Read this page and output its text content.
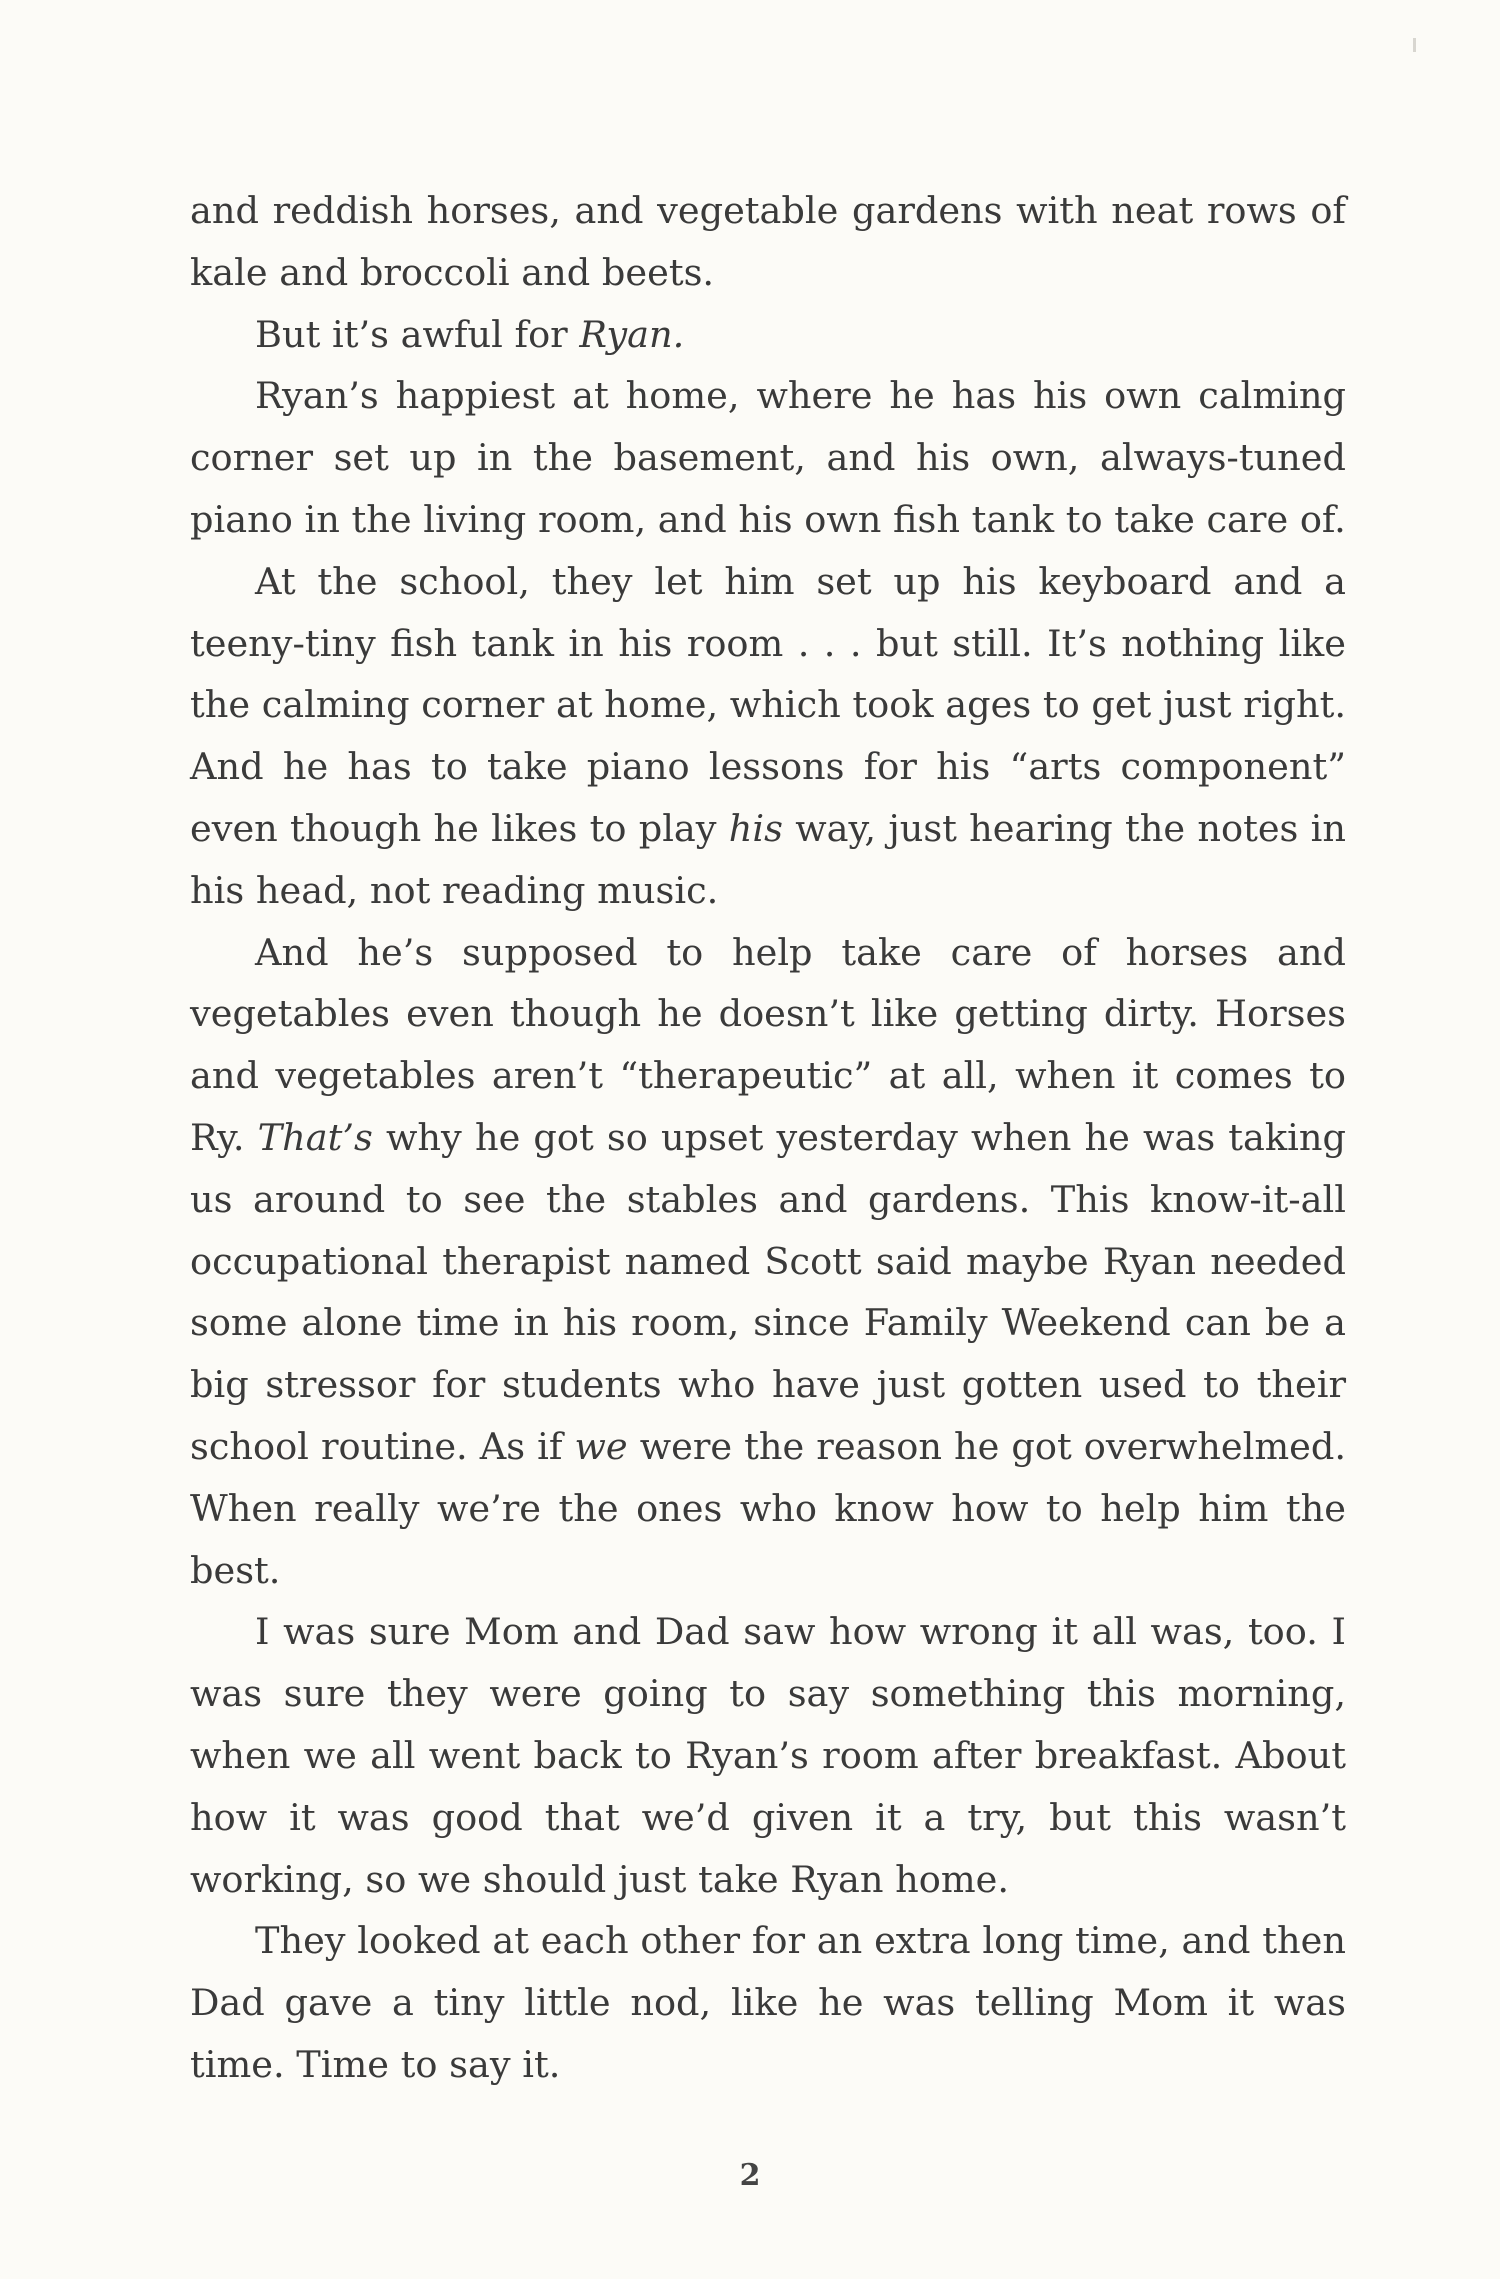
and reddish horses, and vegetable gardens with neat rows of kale and broccoli and beets.

But it’s awful for Ryan.

Ryan’s happiest at home, where he has his own calming corner set up in the basement, and his own, always-tuned piano in the living room, and his own fish tank to take care of.

At the school, they let him set up his keyboard and a teeny-tiny fish tank in his room . . . but still. It’s nothing like the calming corner at home, which took ages to get just right. And he has to take piano lessons for his “arts component” even though he likes to play his way, just hearing the notes in his head, not reading music.

And he’s supposed to help take care of horses and vegetables even though he doesn’t like getting dirty. Horses and vegetables aren’t “therapeutic” at all, when it comes to Ry. That’s why he got so upset yesterday when he was taking us around to see the stables and gardens. This know-it-all occupational therapist named Scott said maybe Ryan needed some alone time in his room, since Family Weekend can be a big stressor for students who have just gotten used to their school routine. As if we were the reason he got overwhelmed. When really we’re the ones who know how to help him the best.

I was sure Mom and Dad saw how wrong it all was, too. I was sure they were going to say something this morning, when we all went back to Ryan’s room after breakfast. About how it was good that we’d given it a try, but this wasn’t working, so we should just take Ryan home.

They looked at each other for an extra long time, and then Dad gave a tiny little nod, like he was telling Mom it was time. Time to say it.

2
